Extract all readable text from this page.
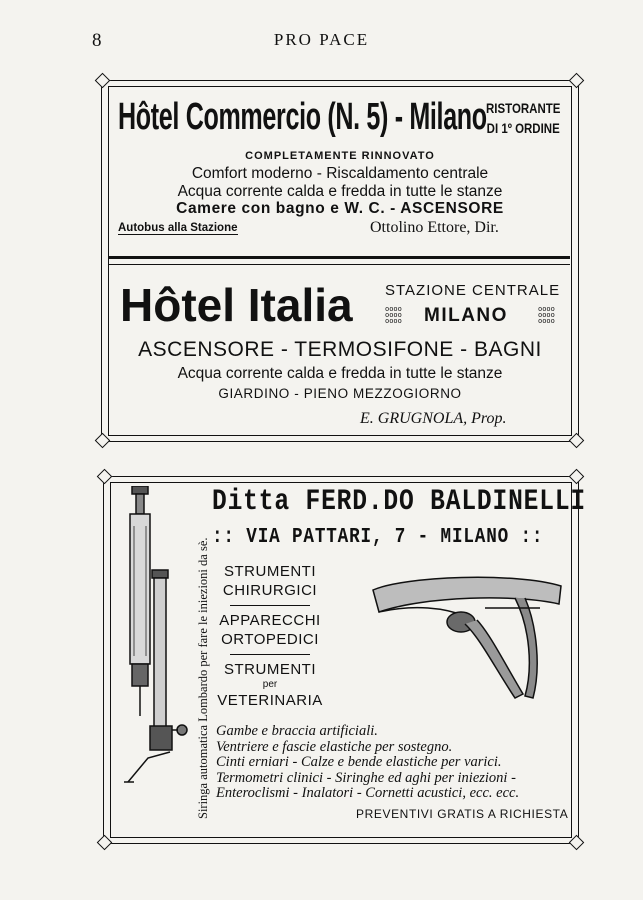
8	PRO PACE
Hôtel Commercio (N. 5) - Milano RISTORANTE
DI 1º ORDINE
COMPLETAMENTE RINNOVATO
Comfort moderno - Riscaldamento centrale
Acqua corrente calda e fredda in tutte le stanze
Camere con bagno e W. C. - ASCENSORE
Autobus alla Stazione	Ottolino Ettore, Dir.
Hôtel Italia STAZIONE CENTRALE
oooo
oooo
oooo MILANO	oooo
oooo
oooo
ASCENSORE - TERMOSIFONE - BAGNI
Acqua corrente calda e fredda in tutte le stanze
GIARDINO - PIENO MEZZOGIORNO
E. GRUGNOLA, Prop.
Siringa automatica Lombardo per fare le iniezioni da sè.
Ditta FERD.DO BALDINELLI
:: VIA PATTARI, 7 - MILANO ::
STRUMENTI
CHIRURGICI
APPARECCHI
ORTOPEDICI
STRUMENTI
per
VETERINARIA
Gambe e braccia artificiali.
Ventriere e fascie elastiche per sostegno.
Cinti erniari - Calze e bende elastiche per varici.
Termometri clinici - Siringhe ed aghi per iniezioni -
Enteroclismi - Inalatori - Cornetti acustici, ecc. ecc.
PREVENTIVI GRATIS A RICHIESTA
